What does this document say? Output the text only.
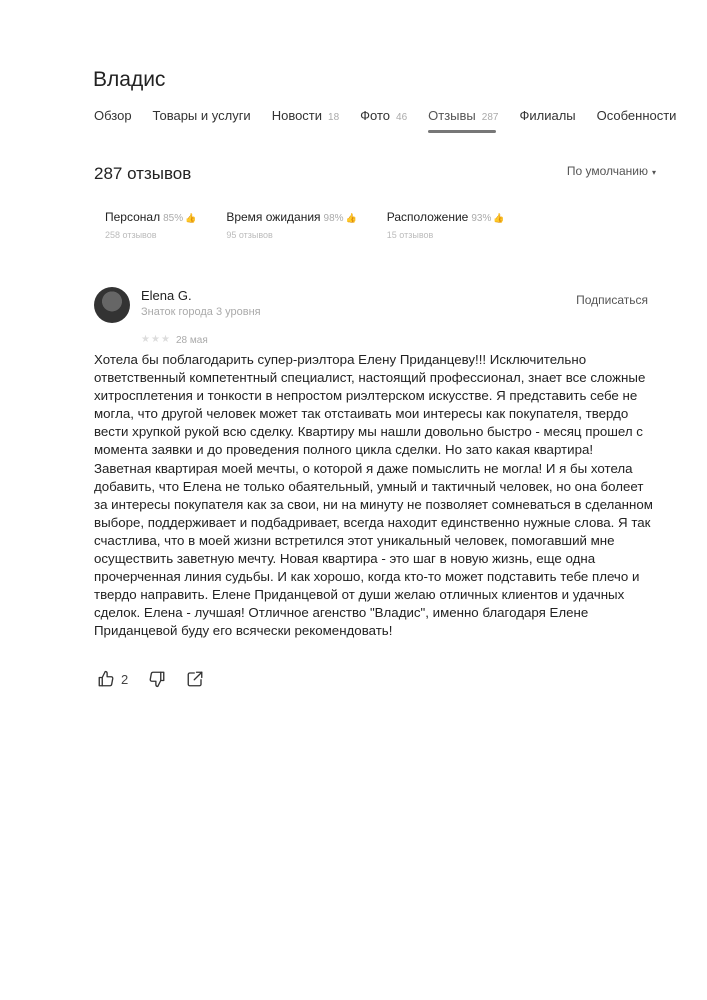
Владис
Обзор Товары и услуги Новости 18 Фото 46 Отзывы 287 Филиалы Особенности
287 отзывов	По умолчанию ▾
Персонал 85% 👍
258 отзывов
Время ожидания 98% 👍
95 отзывов
Расположение 93% 👍
15 отзывов
Elena G.
Знаток города 3 уровня
Подписаться
★★★ 28 мая
Хотела бы поблагодарить супер-риэлтора Елену Приданцеву!!! Исключительно ответственный компетентный специалист, настоящий профессионал, знает все сложные хитросплетения и тонкости в непростом риэлтерском искусстве. Я представить себе не могла, что другой человек может так отстаивать мои интересы как покупателя, твердо вести хрупкой рукой всю сделку. Квартиру мы нашли довольно быстро - месяц прошел с момента заявки и до проведения полного цикла сделки. Но зато какая квартира! Заветная квартирая моей мечты, о которой я даже помыслить не могла! И я бы хотела добавить, что Елена не только обаятельный, умный и тактичный человек, но она болеет за интересы покупателя как за свои, ни на минуту не позволяет сомневаться в сделанном выборе, поддерживает и подбадривает, всегда находит единственно нужные слова. Я так счастлива, что в моей жизни встретился этот уникальный человек, помогавший мне осуществить заветную мечту. Новая квартира - это шаг в новую жизнь, еще одна прочерченная линия судьбы. И как хорошо, когда кто-то может подставить тебе плечо и твердо направить. Елене Приданцевой от души желаю отличных клиентов и удачных сделок. Елена - лучшая! Отличное агенство "Владис", именно благодаря Елене Приданцевой буду его всячески рекомендовать!
2
